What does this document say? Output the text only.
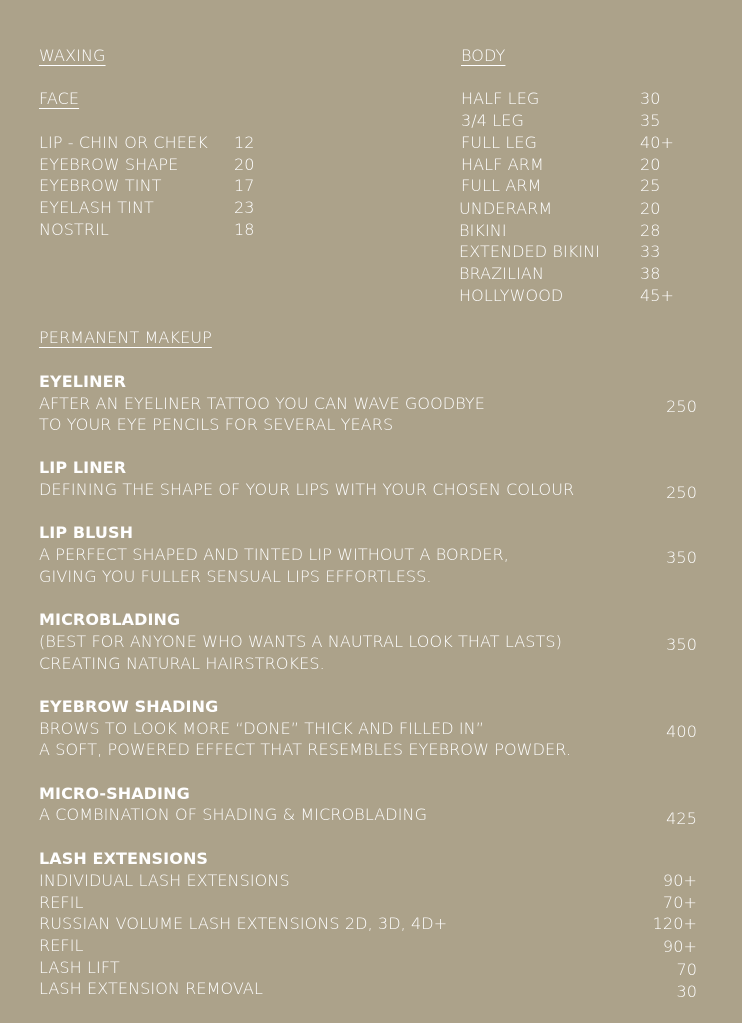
WAXING	BODY
FACE
LIP - CHIN OR CHEEK 12
EYEBROW SHAPE	20
EYEBROW TINT	17
EYELASH TINT	23
NOSTRIL	18
HALF LEG	30
3/4 LEG	35
FULL LEG	40+
HALF ARM	20
FULL ARM	25
UNDERARM	20
BIKINI	28
EXTENDED BIKINI 33
BRAZILIAN	38
HOLLYWOOD	45+
PERMANENT MAKEUP
EYELINER
AFTER AN EYELINER TATTOO YOU CAN WAVE GOODBYE
TO YOUR EYE PENCILS FOR SEVERAL YEARS
250
LIP LINER
DEFINING THE SHAPE OF YOUR LIPS WITH YOUR CHOSEN COLOUR	250
LIP BLUSH
A PERFECT SHAPED AND TINTED LIP WITHOUT A BORDER,
GIVING YOU FULLER SENSUAL LIPS EFFORTLESS.
350
MICROBLADING
(BEST FOR ANYONE WHO WANTS A NAUTRAL LOOK THAT LASTS)
CREATING NATURAL HAIRSTROKES.
350
EYEBROW SHADING
BROWS TO LOOK MORE “DONE” THICK AND FILLED IN”
A SOFT, POWERED EFFECT THAT RESEMBLES EYEBROW POWDER.
400
MICRO-SHADING
A COMBINATION OF SHADING & MICROBLADING	425
LASH EXTENSIONS
INDIVIDUAL LASH EXTENSIONS	90+
REFIL	70+
RUSSIAN VOLUME LASH EXTENSIONS 2D, 3D, 4D+	120+
REFIL	90+
LASH LIFT	70
LASH EXTENSION REMOVAL	30
